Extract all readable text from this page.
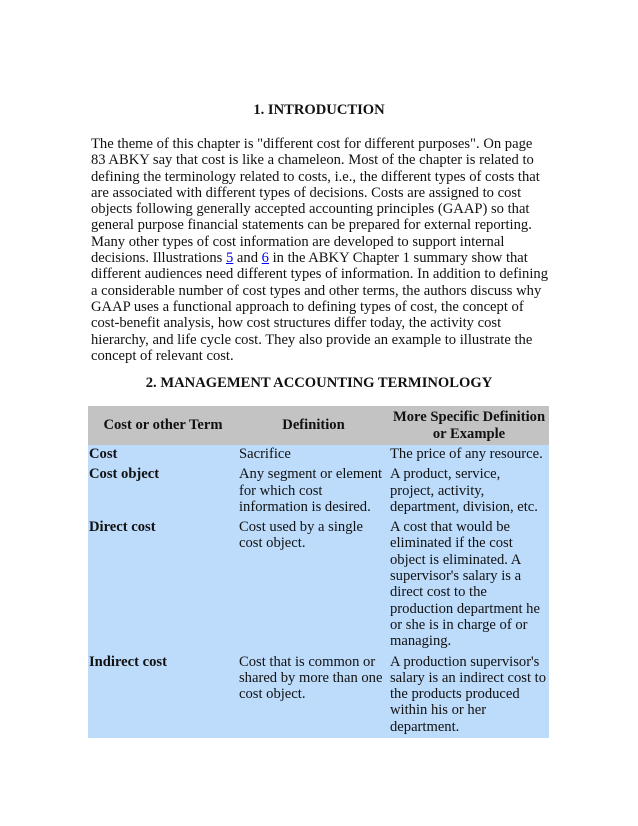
1. INTRODUCTION

The theme of this chapter is "different cost for different purposes". On page 83 ABKY say that cost is like a chameleon. Most of the chapter is related to defining the terminology related to costs, i.e., the different types of costs that are associated with different types of decisions. Costs are assigned to cost objects following generally accepted accounting principles (GAAP) so that general purpose financial statements can be prepared for external reporting. Many other types of cost information are developed to support internal decisions. Illustrations 5 and 6 in the ABKY Chapter 1 summary show that different audiences need different types of information. In addition to defining a considerable number of cost types and other terms, the authors discuss why GAAP uses a functional approach to defining types of cost, the concept of cost-benefit analysis, how cost structures differ today, the activity cost hierarchy, and life cycle cost. They also provide an example to illustrate the concept of relevant cost.

2. MANAGEMENT ACCOUNTING TERMINOLOGY
Cost or other Term	Definition	More Specific Definition or Example
Cost	Sacrifice	The price of any resource.
Cost object	Any segment or element for which cost information is desired.	A product, service, project, activity, department, division, etc.
Direct cost	Cost used by a single cost object.	A cost that would be eliminated if the cost object is eliminated. A supervisor's salary is a direct cost to the production department he or she is in charge of or managing.
Indirect cost	Cost that is common or shared by more than one cost object.	A production supervisor's salary is an indirect cost to the products produced within his or her department.
